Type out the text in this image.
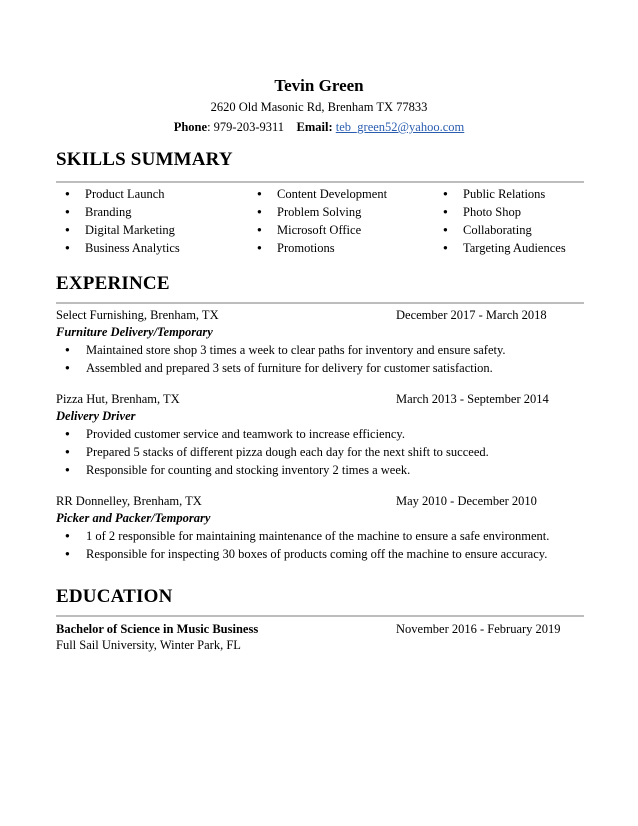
Tevin Green
2620 Old Masonic Rd, Brenham TX 77833
Phone: 979-203-9311 Email: teb_green52@yahoo.com
SKILLS SUMMARY
● Product Launch
● Branding
● Digital Marketing
● Business Analytics
● Content Development
● Problem Solving
● Microsoft Office
● Promotions
● Public Relations
● Photo Shop
● Collaborating
● Targeting Audiences
EXPERINCE
Select Furnishing, Brenham, TX	December 2017 - March 2018
Furniture Delivery/Temporary
● Maintained store shop 3 times a week to clear paths for inventory and ensure safety.
● Assembled and prepared 3 sets of furniture for delivery for customer satisfaction.
Pizza Hut, Brenham, TX	March 2013 - September 2014
Delivery Driver
● Provided customer service and teamwork to increase efficiency.
● Prepared 5 stacks of different pizza dough each day for the next shift to succeed.
● Responsible for counting and stocking inventory 2 times a week.
RR Donnelley, Brenham, TX	May 2010 - December 2010
Picker and Packer/Temporary
● 1 of 2 responsible for maintaining maintenance of the machine to ensure a safe environment.
● Responsible for inspecting 30 boxes of products coming off the machine to ensure accuracy.
EDUCATION
Bachelor of Science in Music Business	November 2016 - February 2019
Full Sail University, Winter Park, FL
